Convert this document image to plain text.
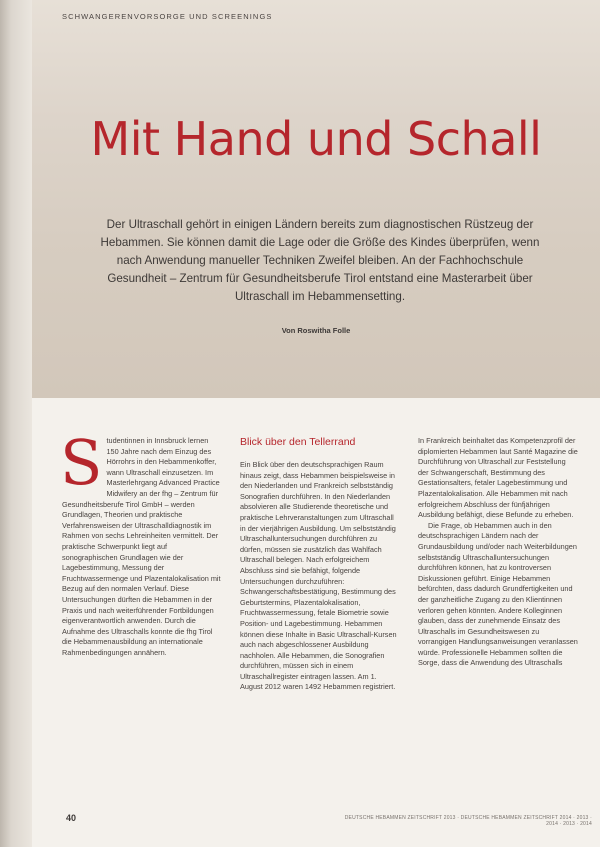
SCHWANGERENVORSORGE UND SCREENINGS
Mit Hand und Schall
Der Ultraschall gehört in einigen Ländern bereits zum diagnostischen Rüstzeug der Hebammen. Sie können damit die Lage oder die Größe des Kindes überprüfen, wenn nach Anwendung manueller Techniken Zweifel bleiben. An der Fachhochschule Gesundheit – Zentrum für Gesundheitsberufe Tirol entstand eine Masterarbeit über Ultraschall im Hebammensetting.
Von Roswitha Folle
S tudentinnen in Innsbruck lernen 150 Jahre nach dem Einzug des Hörrohrs in den Hebammenkoffer, wann Ultraschall einzusetzen. Im Masterlehrgang Advanced Practice Midwifery an der fhg – Zentrum für Gesundheitsberufe Tirol GmbH – werden Grundlagen, Theorien und praktische Verfahrensweisen der Ultraschalldiagnostik im Rahmen von sechs Lehreinheiten vermittelt. Der praktische Schwerpunkt liegt auf sonographischen Grundlagen wie der Lagebestimmung, Messung der Fruchtwassermenge und Plazentalokalisation mit Bezug auf den normalen Verlauf. Diese Untersuchungen dürften die Hebammen in der Praxis und nach weiterführender Fortbildungen eigenverantwortlich anwenden. Durch die Aufnahme des Ultraschalls konnte die fhg Tirol die Hebammenausbildung an internationale Rahmenbedingungen annähern.

Blick über den Tellerrand

Ein Blick über den deutschsprachigen Raum hinaus zeigt, dass Hebammen beispielsweise in den Niederlanden und Frankreich selbstständig Sonografien durchführen. In den Niederlanden absolvieren alle Studierende theoretische und praktische Lehrveranstaltungen zum Ultraschall in der vierjährigen Ausbildung. Um selbstständig Ultraschalluntersuchungen durchführen zu dürfen, müssen sie zusätzlich das Wahlfach Ultraschall belegen. Nach erfolgreichem Abschluss sind sie befähigt, folgende Untersuchungen durchzuführen: Schwangerschaftsbestätigung, Bestimmung des Geburtstermins, Plazentalokalisation, Fruchtwassermessung, fetale Biometrie sowie Position- und Lagebestimmung. Hebammen können diese Inhalte in Basic Ultraschall-Kursen auch nach abgeschlossener Ausbildung nachholen. Alle Hebammen, die Sonografien durchführen, müssen sich in einem Ultraschallregister eintragen lassen. Am 1. August 2012 waren 1492 Hebammen registriert.

In Frankreich beinhaltet das Kompetenzprofil der diplomierten Hebammen laut Santé Magazine die Durchführung von Ultraschall zur Feststellung der Schwangerschaft, Bestimmung des Gestationsalters, fetaler Lagebestimmung und Plazentalokalisation. Alle Hebammen mit nach erfolgreichem Abschluss der fünfjährigen Ausbildung befähigt, diese Befunde zu erheben.

Die Frage, ob Hebammen auch in den deutschsprachigen Ländern nach der Grundausbildung und/oder nach Weiterbildungen selbstständig Ultraschalluntersuchungen durchführen können, hat zu kontroversen Diskussionen geführt. Einige Hebammen befürchten, dass dadurch Grundfertigkeiten und der ganzheitliche Zugang zu den Klientinnen verloren gehen könnten. Andere Kolleginnen glauben, dass der zunehmende Einsatz des Ultraschalls im Gesundheitswesen zu vorrangigen Handlungsanweisungen veranlassen würde. Professionelle Hebammen sollten die Sorge, dass die Anwendung des Ultraschalls

40	DEUTSCHE HEBAMMEN ZEITSCHRIFT 2013 · DEUTSCHE HEBAMMEN ZEITSCHRIFT 2014 · 2013 · 2014 · 2013 · 2014
